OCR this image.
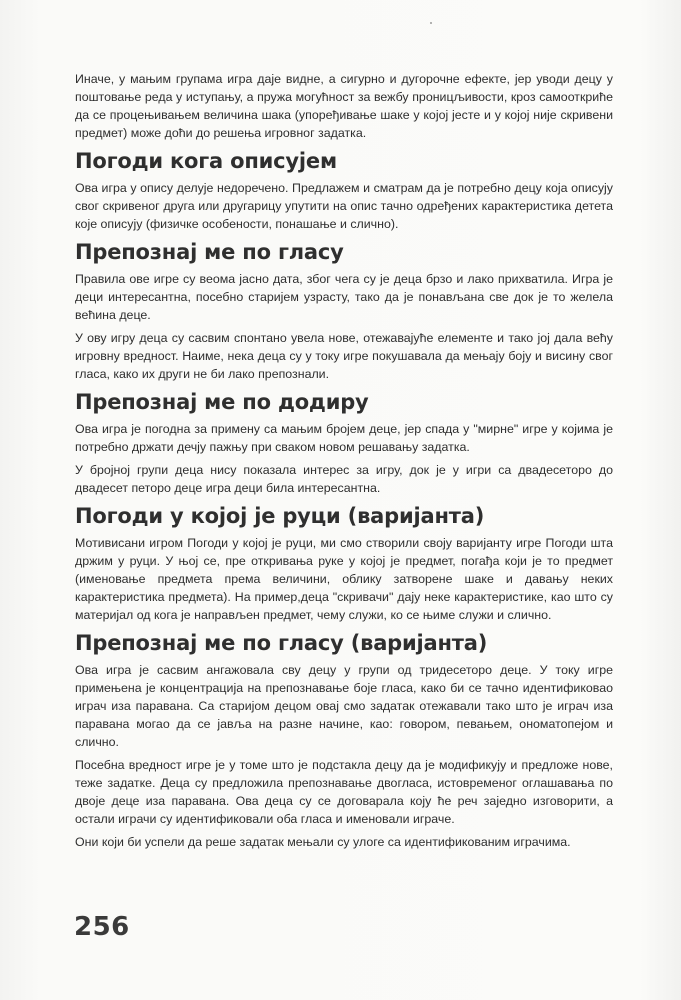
Иначе, у мањим групама игра даје видне, а сигурно и дугорочне ефекте, јер уводи децу у поштовање реда у иступању, а пружа могућност за вежбу проницљивости, кроз самооткриће да се процењивањем величина шака (упоређивање шаке у којој јесте и у којој није скривени предмет) може доћи до решења игровног задатка.

Погоди кога описујем

Ова игра у опису делује недоречено. Предлажем и сматрам да је потребно децу која описују свог скривеног друга или другарицу упутити на опис тачно одређених карактеристика детета које описују (физичке особености, понашање и слично).

Препознај ме по гласу

Правила ове игре су веома јасно дата, због чега су је деца брзо и лако прихватила. Игра је деци интересантна, посебно старијем узрасту, тако да је понављана све док је то желела већина деце.

У ову игру деца су сасвим спонтано увела нове, отежавајуће елементе и тако јој дала већу игровну вредност. Наиме, нека деца су у току игре покушавала да мењају боју и висину свог гласа, како их други не би лако препознали.

Препознај ме по додиру

Ова игра је погодна за примену са мањим бројем деце, јер спада у "мирне" игре у којима је потребно држати дечју пажњу при сваком новом решавању задатка.

У бројној групи деца нису показала интерес за игру, док је у игри са двадесеторо до двадесет петоро деце игра деци била интересантна.

Погоди у којој је руци (варијанта)

Мотивисани игром Погоди у којој је руци, ми смо створили своју варијанту игре Погоди шта држим у руци. У њој се, пре откривања руке у којој је предмет, погађа који је то предмет (именовање предмета према величини, облику затворене шаке и давању неких карактеристика предмета). На пример,деца "скривачи" дају неке карактеристике, као што су материјал од кога је направљен предмет, чему служи, ко се њиме служи и слично.

Препознај ме по гласу (варијанта)

Ова игра је сасвим ангажовала сву децу у групи од тридесеторо деце. У току игре примењена је концентрација на препознавање боје гласа, како би се тачно идентификовао играч иза паравана. Са старијом децом овај смо задатак отежавали тако што је играч иза паравана могао да се јавља на разне начине, као: говором, певањем, ономатопејом и слично.

Посебна вредност игре је у томе што је подстакла децу да је модификују и предложе нове, теже задатке. Деца су предложила препознавање двогласа, истовременог оглашавања по двоје деце иза паравана. Ова деца су се договарала коју ће реч заједно изговорити, а остали играчи су идентификовали оба гласа и именовали играче.

Они који би успели да реше задатак мењали су улоге са идентификованим играчима.

256
